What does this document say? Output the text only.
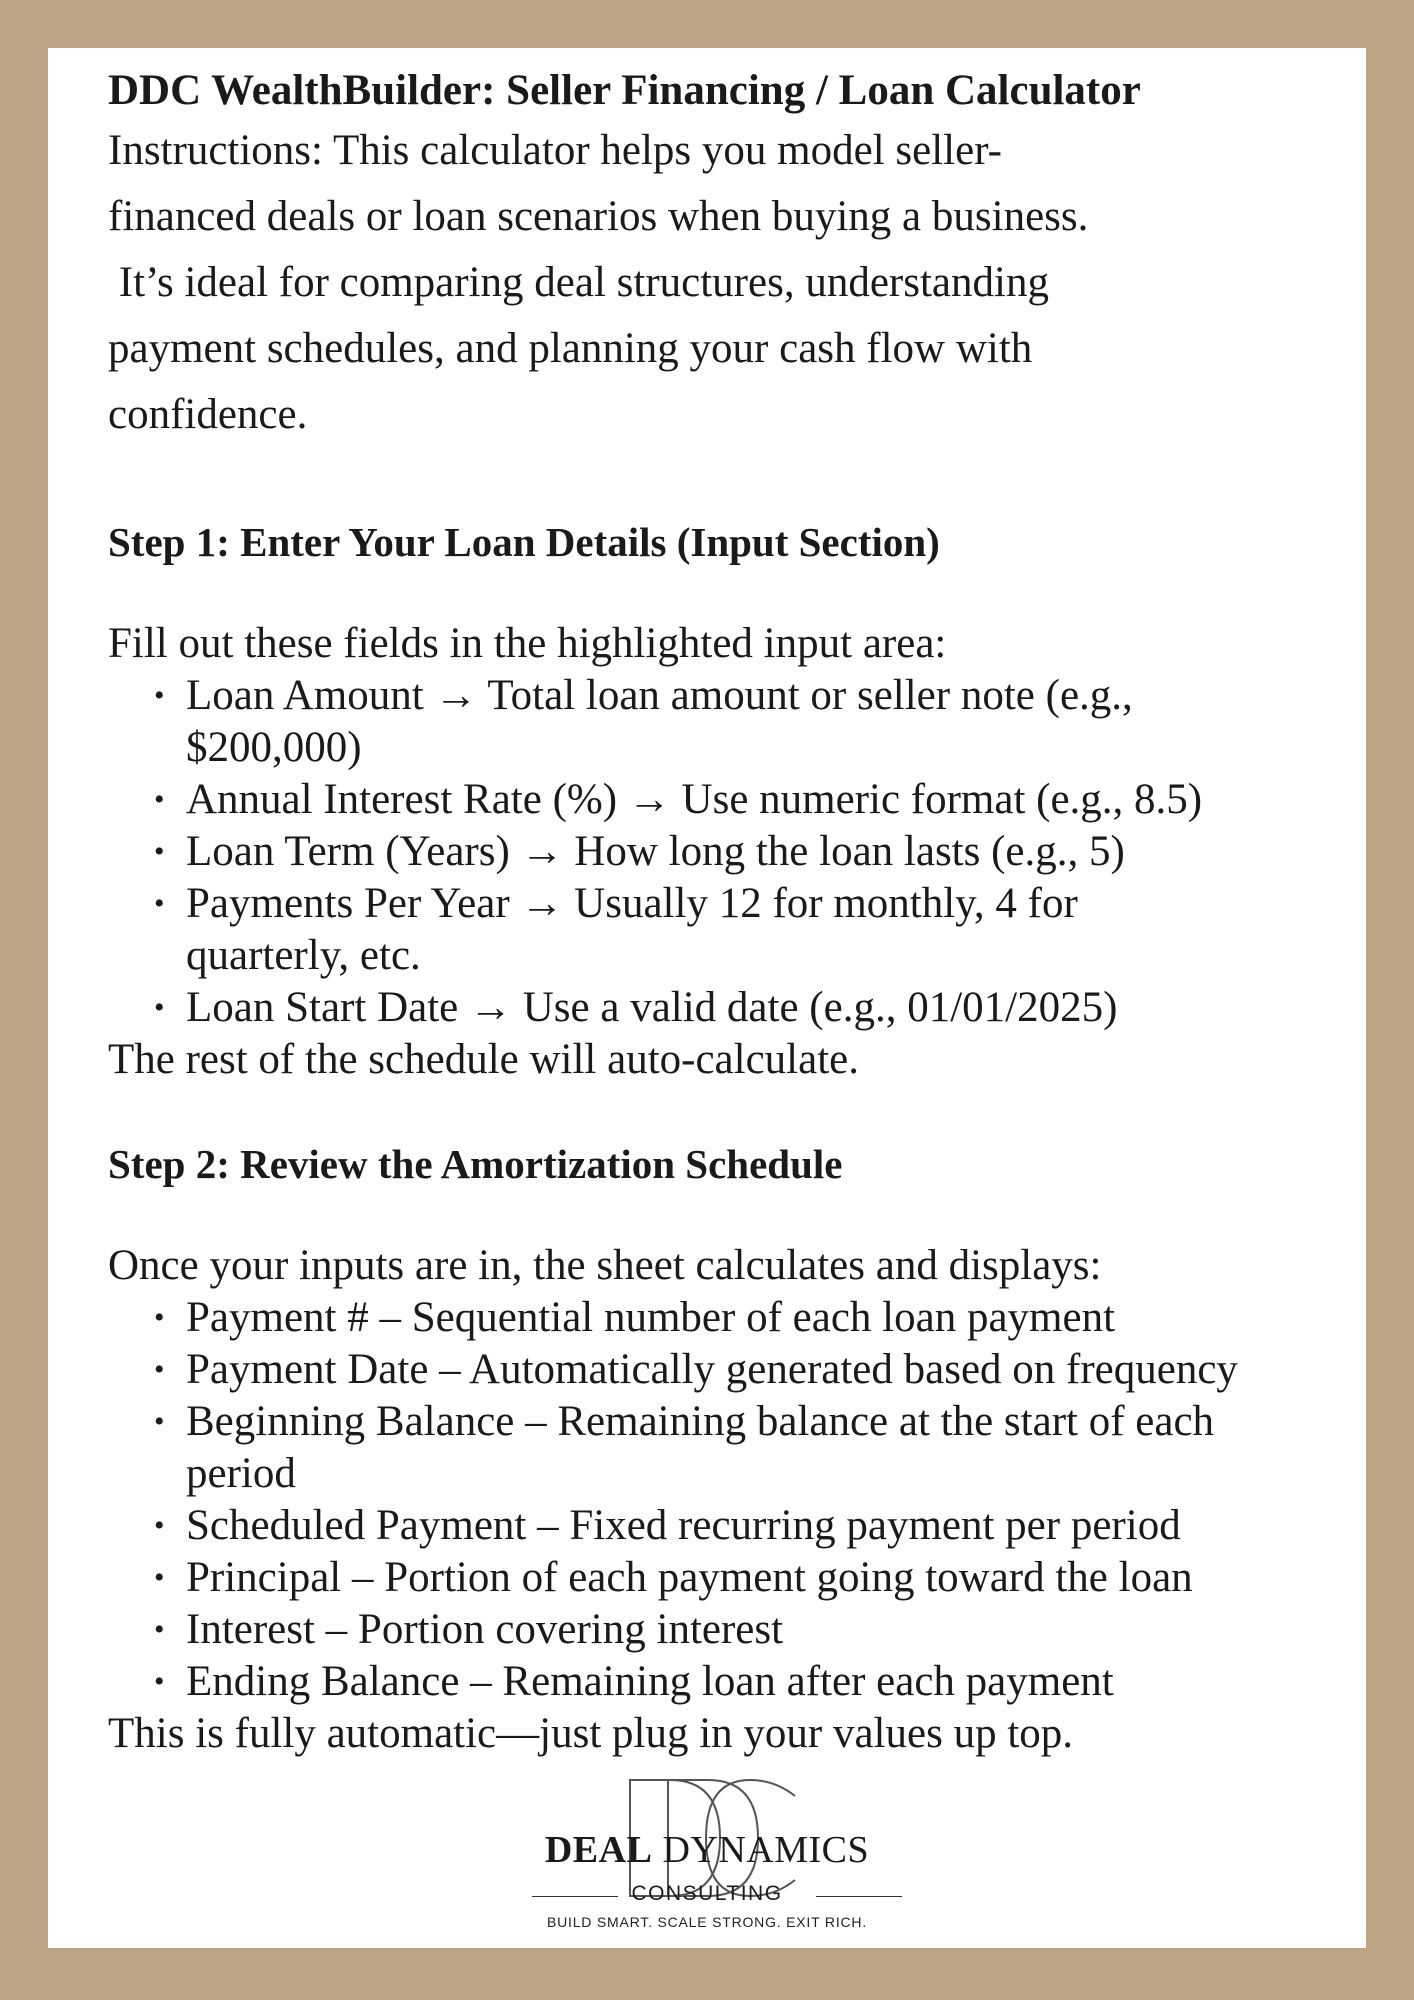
DDC WealthBuilder: Seller Financing / Loan Calculator

Instructions: This calculator helps you model seller-
financed deals or loan scenarios when buying a business.
It’s ideal for comparing deal structures, understanding
payment schedules, and planning your cash flow with
confidence.

Step 1: Enter Your Loan Details (Input Section)

Fill out these fields in the highlighted input area:

• Loan Amount → Total loan amount or seller note (e.g.,
$200,000)
• Annual Interest Rate (%) → Use numeric format (e.g., 8.5)
• Loan Term (Years) → How long the loan lasts (e.g., 5)
• Payments Per Year → Usually 12 for monthly, 4 for
quarterly, etc.
• Loan Start Date → Use a valid date (e.g., 01/01/2025)

The rest of the schedule will auto-calculate.

Step 2: Review the Amortization Schedule

Once your inputs are in, the sheet calculates and displays:

• Payment # – Sequential number of each loan payment
• Payment Date – Automatically generated based on frequency
• Beginning Balance – Remaining balance at the start of each
period
• Scheduled Payment – Fixed recurring payment per period
• Principal – Portion of each payment going toward the loan
• Interest – Portion covering interest
• Ending Balance – Remaining loan after each payment

This is fully automatic—just plug in your values up top.

DEAL DYNAMICS
CONSULTING
BUILD SMART. SCALE STRONG. EXIT RICH.
